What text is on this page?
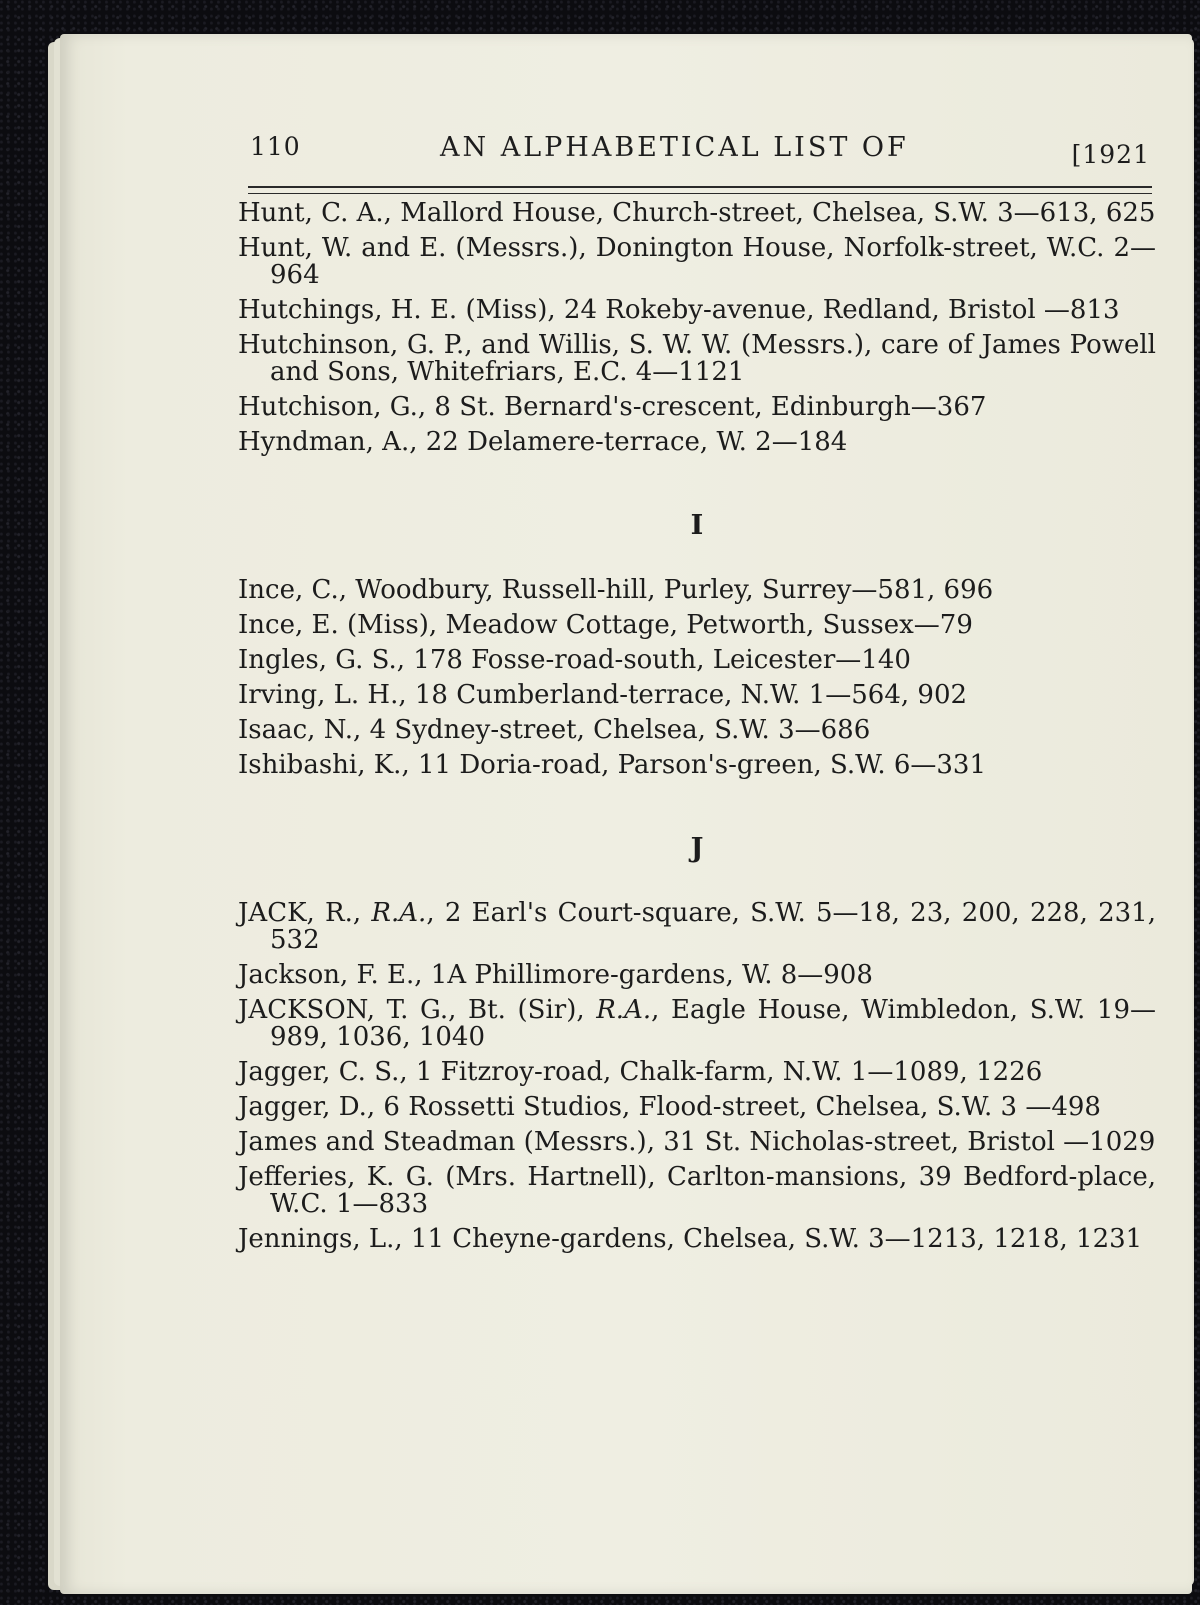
110	AN ALPHABETICAL LIST OF	[1921

Hunt, C. A., Mallord House, Church-street, Chelsea, S.W. 3—613, 625

Hunt, W. and E. (Messrs.), Donington House, Norfolk-street, W.C. 2—964

Hutchings, H. E. (Miss), 24 Rokeby-avenue, Redland, Bristol —813

Hutchinson, G. P., and Willis, S. W. W. (Messrs.), care of James Powell and Sons, Whitefriars, E.C. 4—1121

Hutchison, G., 8 St. Bernard's-crescent, Edinburgh—367

Hyndman, A., 22 Delamere-terrace, W. 2—184

I

Ince, C., Woodbury, Russell-hill, Purley, Surrey—581, 696

Ince, E. (Miss), Meadow Cottage, Petworth, Sussex—79

Ingles, G. S., 178 Fosse-road-south, Leicester—140

Irving, L. H., 18 Cumberland-terrace, N.W. 1—564, 902

Isaac, N., 4 Sydney-street, Chelsea, S.W. 3—686

Ishibashi, K., 11 Doria-road, Parson's-green, S.W. 6—331

J

JACK, R., R.A., 2 Earl's Court-square, S.W. 5—18, 23, 200, 228, 231, 532

Jackson, F. E., 1A Phillimore-gardens, W. 8—908

JACKSON, T. G., Bt. (Sir), R.A., Eagle House, Wimbledon, S.W. 19—989, 1036, 1040

Jagger, C. S., 1 Fitzroy-road, Chalk-farm, N.W. 1—1089, 1226

Jagger, D., 6 Rossetti Studios, Flood-street, Chelsea, S.W. 3 —498

James and Steadman (Messrs.), 31 St. Nicholas-street, Bristol —1029

Jefferies, K. G. (Mrs. Hartnell), Carlton-mansions, 39 Bedford-place, W.C. 1—833

Jennings, L., 11 Cheyne-gardens, Chelsea, S.W. 3—1213, 1218, 1231
